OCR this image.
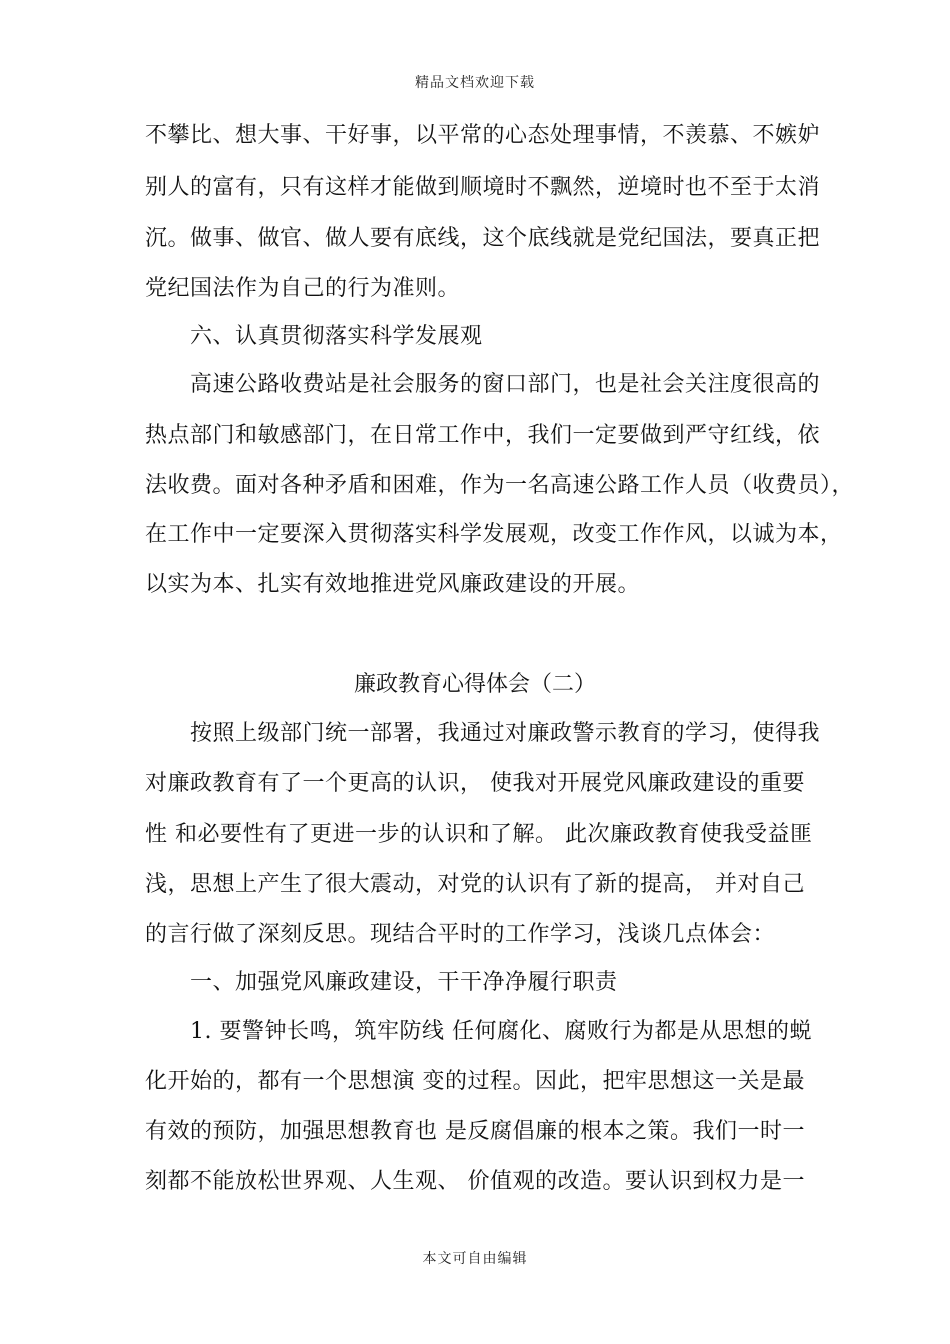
精品文档欢迎下载
不攀比、想大事、干好事，以平常的心态处理事情，不羡慕、不嫉妒
别人的富有，只有这样才能做到顺境时不飘然，逆境时也不至于太消
沉。做事、做官、做人要有底线，这个底线就是党纪国法，要真正把
党纪国法作为自己的行为准则。
六、认真贯彻落实科学发展观
高速公路收费站是社会服务的窗口部门，也是社会关注度很高的
热点部门和敏感部门，在日常工作中，我们一定要做到严守红线，依
法收费。面对各种矛盾和困难，作为一名高速公路工作人员（收费员），
在工作中一定要深入贯彻落实科学发展观，改变工作作风，以诚为本，
以实为本、扎实有效地推进党风廉政建设的开展。
廉政教育心得体会（二）
按照上级部门统一部署，我通过对廉政警示教育的学习，使得我
对廉政教育有了一个更高的认识， 使我对开展党风廉政建设的重要
性 和必要性有了更进一步的认识和了解。 此次廉政教育使我受益匪
浅，思想上产生了很大震动，对党的认识有了新的提高， 并对自己
的言行做了深刻反思。现结合平时的工作学习，浅谈几点体会：
一、加强党风廉政建设，干干净净履行职责
1. 要警钟长鸣，筑牢防线 任何腐化、腐败行为都是从思想的蜕
化开始的，都有一个思想演 变的过程。因此，把牢思想这一关是最
有效的预防，加强思想教育也 是反腐倡廉的根本之策。我们一时一
刻都不能放松世界观、人生观、 价值观的改造。要认识到权力是一
本文可自由编辑
